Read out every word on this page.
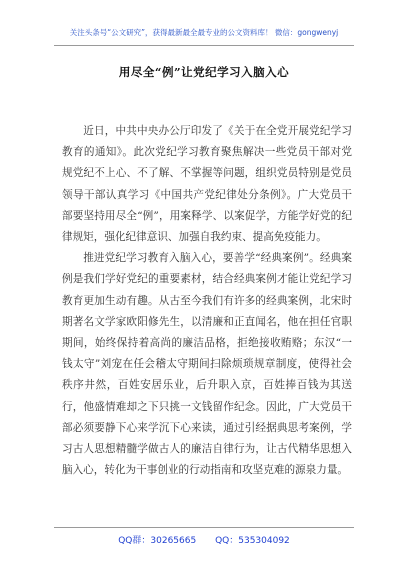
关注头条号“公文研究”，获得最新最全最专业的公文资料库！ 微信：gongwenyj
用尽全“例”让党纪学习入脑入心

近日，中共中央办公厅印发了《关于在全党开展党纪学习教育的通知》。此次党纪学习教育聚焦解决一些党员干部对党规党纪不上心、不了解、不掌握等问题，组织党员特别是党员领导干部认真学习《中国共产党纪律处分条例》。广大党员干部要坚持用尽全“例”，用案释学、以案促学，方能学好党的纪律规矩，强化纪律意识、加强自我约束、提高免疫能力。

推进党纪学习教育入脑入心，要善学“经典案例”。经典案例是我们学好党纪的重要素材，结合经典案例才能让党纪学习教育更加生动有趣。从古至今我们有许多的经典案例，北宋时期著名文学家欧阳修先生，以清廉和正直闻名，他在担任官职期间，始终保持着高尚的廉洁品格，拒绝接收贿赂；东汉“一钱太守”刘宠在任会稽太守期间扫除烦琐规章制度，使得社会秩序井然，百姓安居乐业，后升职入京，百姓捧百钱为其送行，他盛情难却之下只挑一文钱留作纪念。因此，广大党员干部必须要静下心来学沉下心来读，通过引经据典思考案例，学习古人思想精髓学做古人的廉洁自律行为，让古代精华思想入脑入心，转化为干事创业的行动指南和攻坚克难的源泉力量。

QQ群：30265665 QQ：535304092
